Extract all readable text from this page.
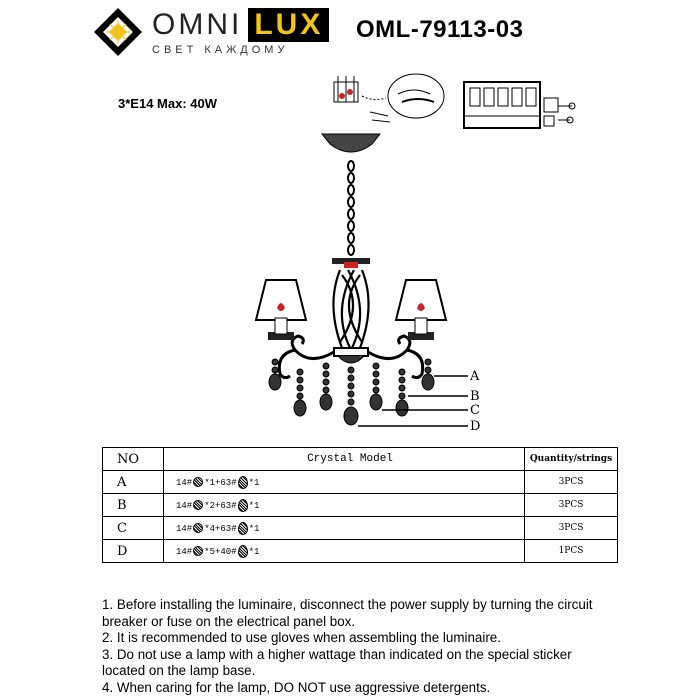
OMNI LUX
СВЕТ КАЖДОМУ
OML-79113-03
3*E14 Max: 40W
A
B
C
D
NO	Crystal Model	Quantity/strings
A	14# *1+63# *1	3PCS
B	14# *2+63# *1	3PCS
C	14# *4+63# *1	3PCS
D	14# *5+40# *1	1PCS

1. Before installing the luminaire, disconnect the power supply by turning the circuit breaker or fuse on the electrical panel box.

2. It is recommended to use gloves when assembling the luminaire.

3. Do not use a lamp with a higher wattage than indicated on the special sticker located on the lamp base.

4. When caring for the lamp, DO NOT use aggressive detergents.
